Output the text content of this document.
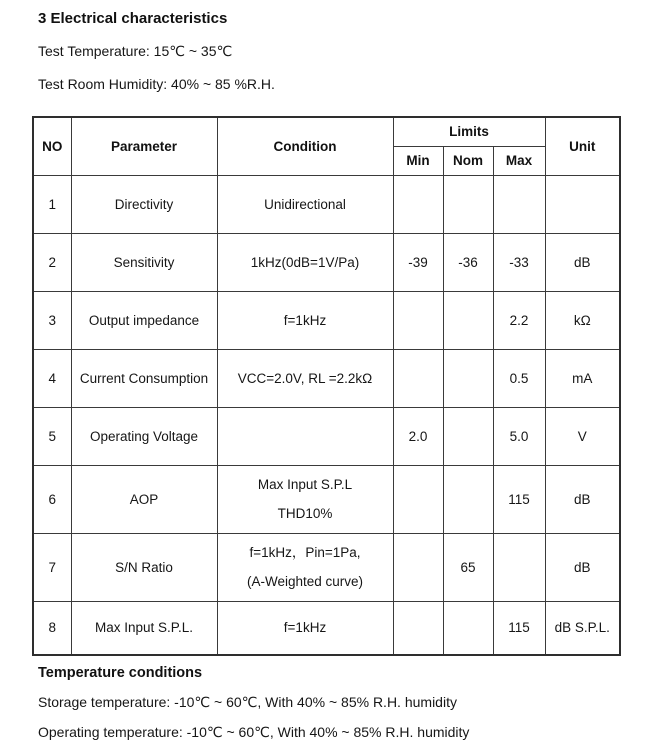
3 Electrical characteristics
Test Temperature: 15℃ ~ 35℃
Test Room Humidity: 40% ~ 85 %R.H.
NO	Parameter	Condition	Limits			Unit
			Min	Nom	Max	
1	Directivity	Unidirectional				

2	Sensitivity	1kHz(0dB=1V/Pa)	-39	-36	-33	dB
3	Output impedance	f=1kHz			2.2	kΩ
4	Current Consumption	VCC=2.0V, RL =2.2kΩ			0.5	mA
5	Operating Voltage		2.0		5.0	V
6	AOP	Max Input S.P.L
THD10%			115	dB
7	S/N Ratio	f=1kHz，Pin=1Pa,
(A-Weighted curve)		65		dB
8	Max Input S.P.L.	f=1kHz			115	dB S.P.L.
Temperature conditions
Storage temperature: -10℃ ~ 60℃, With 40% ~ 85% R.H. humidity
Operating temperature: -10℃ ~ 60℃, With 40% ~ 85% R.H. humidity
